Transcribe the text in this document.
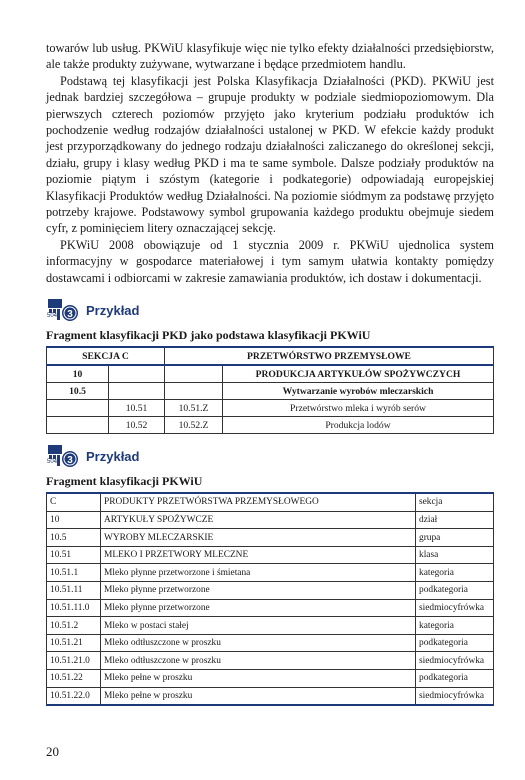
towarów lub usług. PKWiU klasyfikuje więc nie tylko efekty działalności przedsiębiorstw, ale także produkty zużywane, wytwarzane i będące przedmiotem handlu.

Podstawą tej klasyfikacji jest Polska Klasyfikacja Działalności (PKD). PKWiU jest jednak bardziej szczegółowa – grupuje produkty w podziale siedmiopoziomowym. Dla pierwszych czterech poziomów przyjęto jako kryterium podziału produktów ich pochodzenie według rodzajów działalności ustalonej w PKD. W efekcie każdy produkt jest przyporządkowany do jednego rodzaju działalności zaliczanego do określonej sekcji, działu, grupy i klasy według PKD i ma te same symbole. Dalsze podziały produktów na poziomie piątym i szóstym (kategorie i podkategorie) odpowiadają europejskiej Klasyfikacji Produktów według Działalności. Na poziomie siódmym za podstawę przyjęto potrzeby krajowe. Podstawowy symbol grupowania każdego produktu obejmuje siedem cyfr, z pominięciem litery oznaczającej sekcję.

PKWiU 2008 obowiązuje od 1 stycznia 2009 r. PKWiU ujednolica system informacyjny w gospodarce materiałowej i tym samym ułatwia kontakty pomiędzy dostawcami i odbiorcami w zakresie zamawiania produktów, ich dostaw i dokumentacji.

3
504 Przykład
Fragment klasyfikacji PKD jako podstawa klasyfikacji PKWiU
SEKCJA C		PRZETWÓRSTWO PRZEMYSŁOWE	
10			PRODUKCJA ARTYKUŁÓW SPOŻYWCZYCH
10.5			Wytwarzanie wyrobów mleczarskich
	10.51	10.51.Z	Przetwórstwo mleka i wyrób serów
	10.52	10.52.Z	Produkcja lodów
3
504 Przykład
Fragment klasyfikacji PKWiU
C	PRODUKTY PRZETWÓRSTWA PRZEMYSŁOWEGO	sekcja
10	ARTYKUŁY SPOŻYWCZE	dział
10.5	WYROBY MLECZARSKIE	grupa
10.51	MLEKO I PRZETWORY MLECZNE	klasa
10.51.1	Mleko płynne przetworzone i śmietana	kategoria
10.51.11	Mleko płynne przetworzone	podkategoria
10.51.11.0	Mleko płynne przetworzone	siedmiocyfrówka
10.51.2	Mleko w postaci stałej	kategoria
10.51.21	Mleko odtłuszczone w proszku	podkategoria
10.51.21.0	Mleko odtłuszczone w proszku	siedmiocyfrówka
10.51.22	Mleko pełne w proszku	podkategoria
10.51.22.0	Mleko pełne w proszku	siedmiocyfrówka
20
